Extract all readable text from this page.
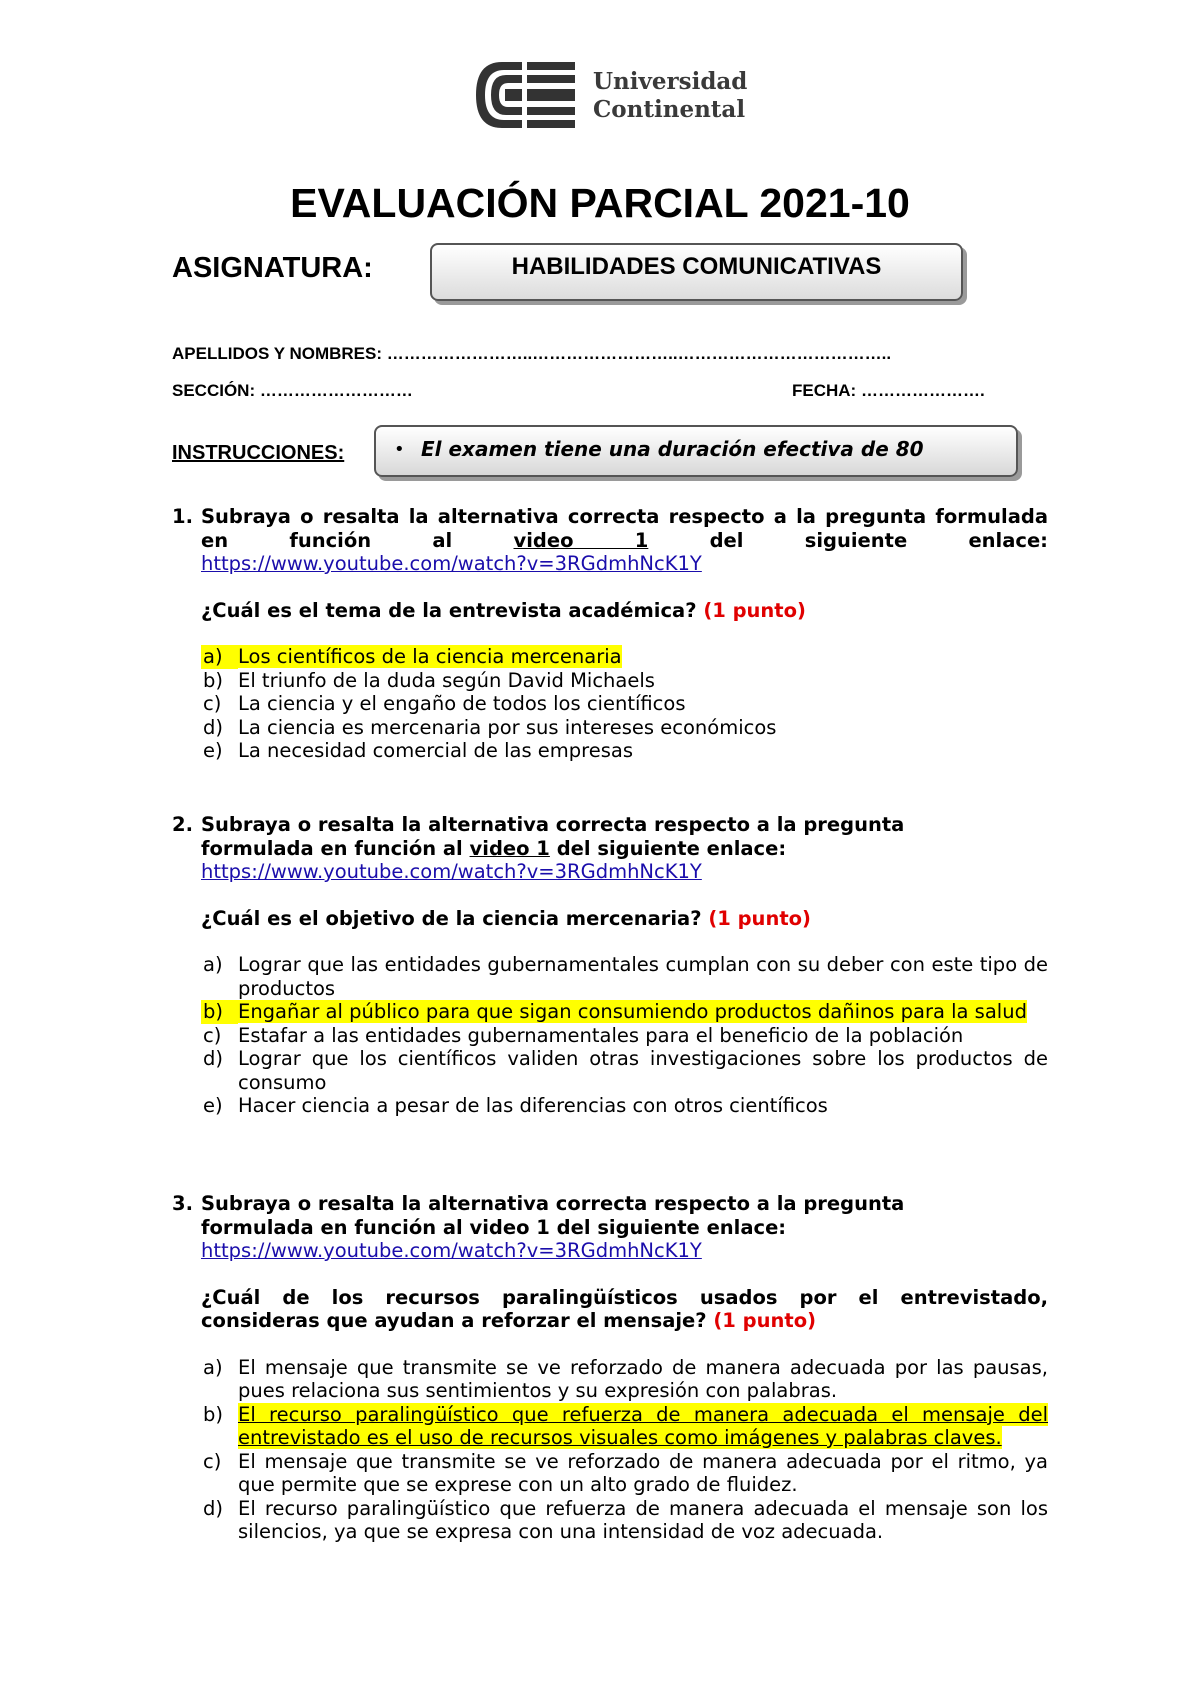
Universidad
Continental
EVALUACIÓN PARCIAL 2021-10
ASIGNATURA:	HABILIDADES COMUNICATIVAS
APELLIDOS Y NOMBRES: ……………………..……………………..………………………………..
SECCIÓN: ………………………	FECHA: ………………….
INSTRUCCIONES:	• El examen tiene una duración efectiva de 80
1. Subraya o resalta la alternativa correcta respecto a la pregunta formulada en función al	video 1	del siguiente enlace:
https://www.youtube.com/watch?v=3RGdmhNcK1Y
¿Cuál es el tema de la entrevista académica? (1 punto)
a) Los científicos de la ciencia mercenaria
b) El triunfo de la duda según David Michaels
c) La ciencia y el engaño de todos los científicos
d) La ciencia es mercenaria por sus intereses económicos
e) La necesidad comercial de las empresas
2. Subraya o resalta la alternativa correcta respecto a la pregunta formulada en función al video 1 del siguiente enlace:
https://www.youtube.com/watch?v=3RGdmhNcK1Y
¿Cuál es el objetivo de la ciencia mercenaria? (1 punto)
a) Lograr que las entidades gubernamentales cumplan con su deber con este tipo de productos
b) Engañar al público para que sigan consumiendo productos dañinos para la salud
c) Estafar a las entidades gubernamentales para el beneficio de la población
d) Lograr que los científicos validen otras investigaciones sobre los productos de consumo
e) Hacer ciencia a pesar de las diferencias con otros científicos
3. Subraya o resalta la alternativa correcta respecto a la pregunta formulada en función al video 1 del siguiente enlace:
https://www.youtube.com/watch?v=3RGdmhNcK1Y
¿Cuál de los recursos paralingüísticos usados por el entrevistado, consideras que ayudan a reforzar el mensaje? (1 punto)
a) El mensaje que transmite se ve reforzado de manera adecuada por las pausas, pues relaciona sus sentimientos y su expresión con palabras.
b) El recurso paralingüístico que refuerza de manera adecuada el mensaje del entrevistado es el uso de recursos visuales como imágenes y palabras claves.
c) El mensaje que transmite se ve reforzado de manera adecuada por el ritmo, ya que permite que se exprese con un alto grado de fluidez.
d) El recurso paralingüístico que refuerza de manera adecuada el mensaje son los silencios, ya que se expresa con una intensidad de voz adecuada.
